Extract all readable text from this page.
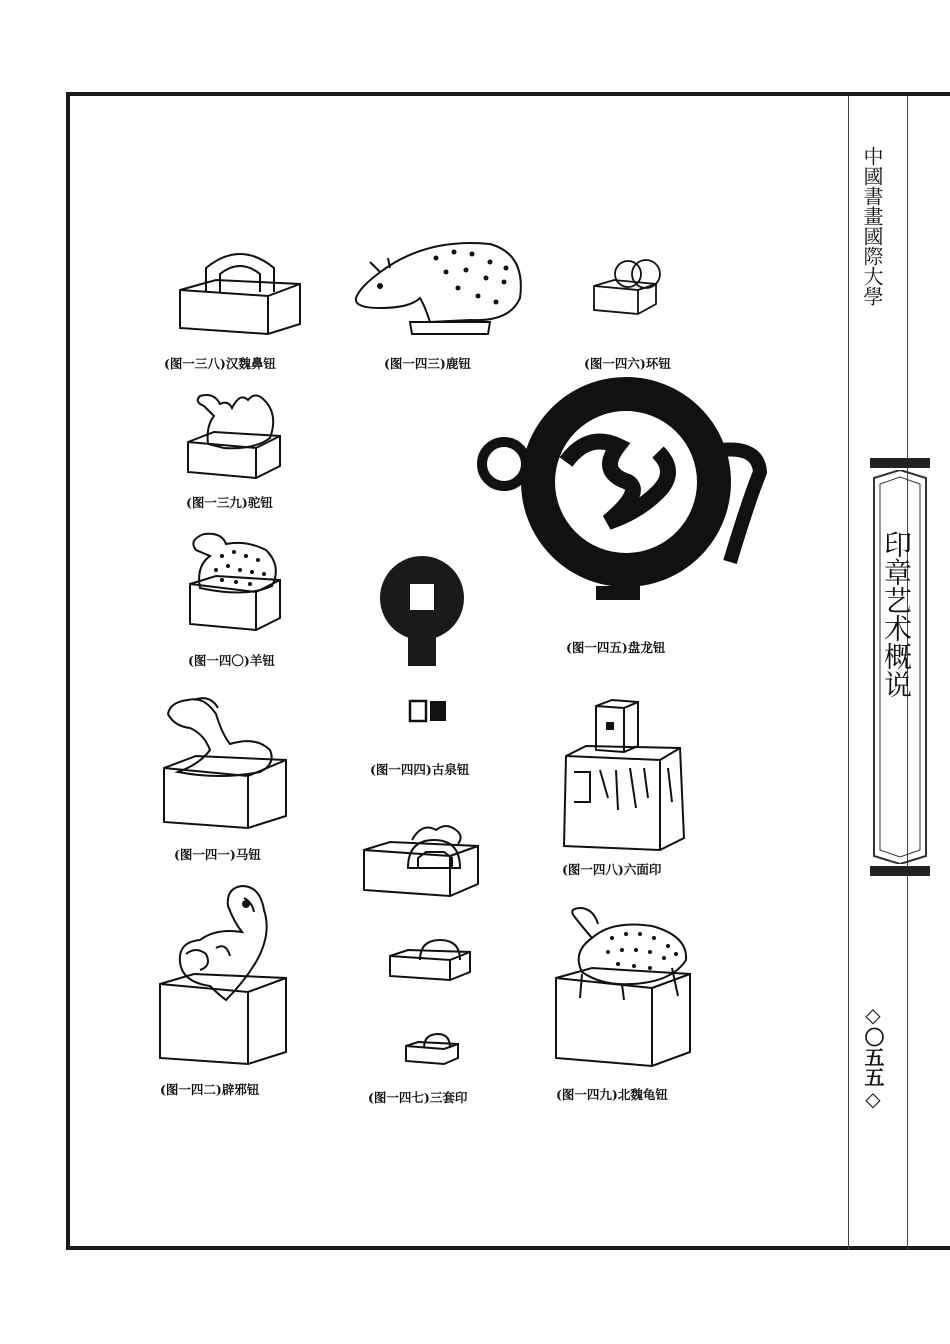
中國書畫國際大學
印章艺术概说
◇〇五五◇
(图一三八)汉魏鼻钮	(图一四三)鹿钮	(图一四六)环钮
(图一三九)驼钮
(图一四五)盘龙钮
(图一四〇)羊钮
(图一四四)古泉钮
(图一四一)马钮
(图一四八)六面印
(图一四二)辟邪钮
(图一四七)三套印	(图一四九)北魏龟钮
